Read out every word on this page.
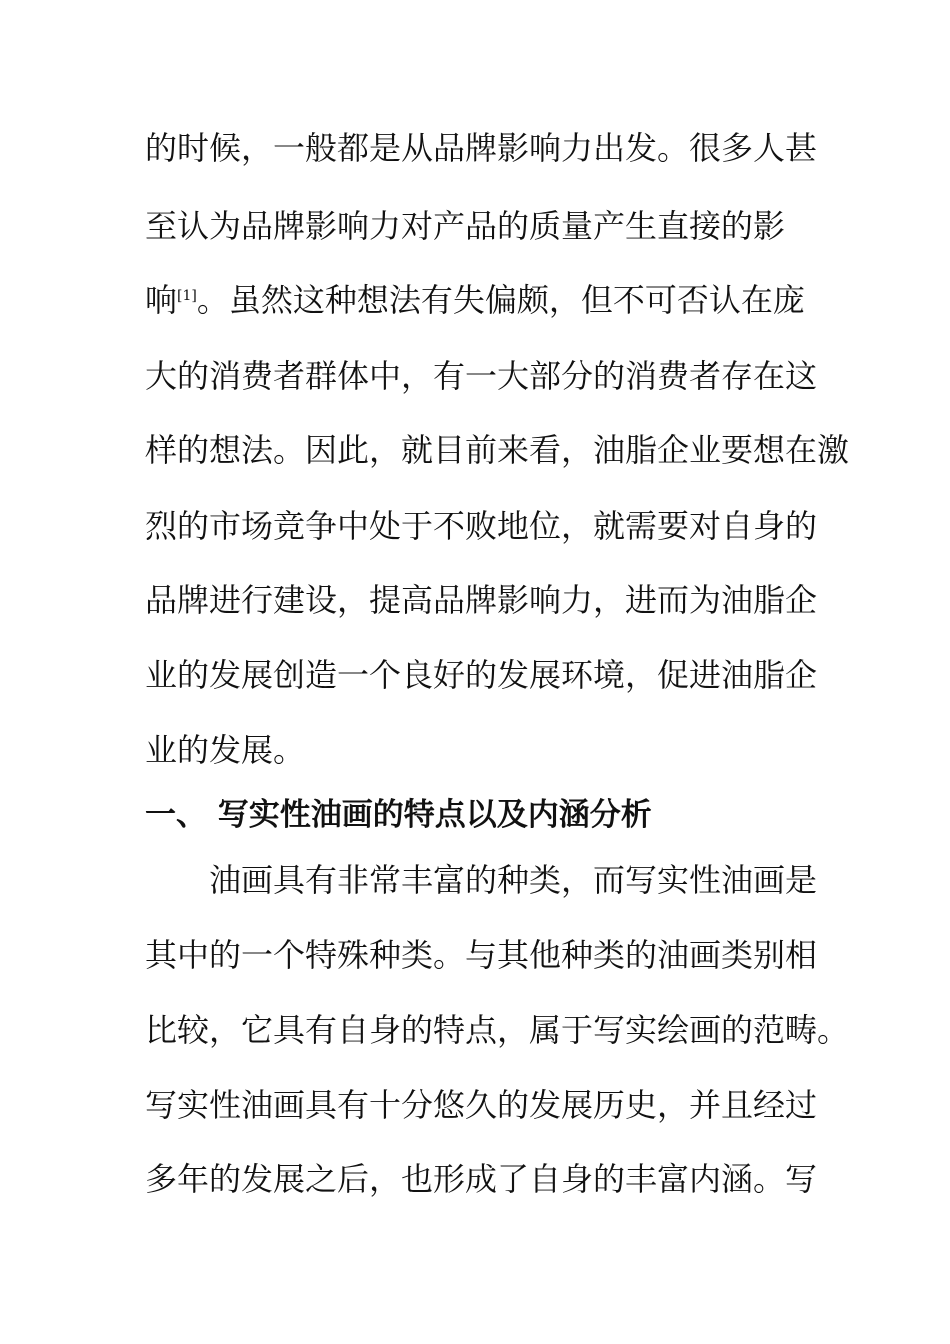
的时候，一般都是从品牌影响力出发。很多人甚
至认为品牌影响力对产品的质量产生直接的影
响[1]。虽然这种想法有失偏颇，但不可否认在庞
大的消费者群体中，有一大部分的消费者存在这
样的想法。因此，就目前来看，油脂企业要想在激
烈的市场竞争中处于不败地位，就需要对自身的
品牌进行建设，提高品牌影响力，进而为油脂企
业的发展创造一个良好的发展环境，促进油脂企
业的发展。
一、 写实性油画的特点以及内涵分析
油画具有非常丰富的种类，而写实性油画是
其中的一个特殊种类。与其他种类的油画类别相
比较，它具有自身的特点，属于写实绘画的范畴。
写实性油画具有十分悠久的发展历史，并且经过
多年的发展之后，也形成了自身的丰富内涵。写
